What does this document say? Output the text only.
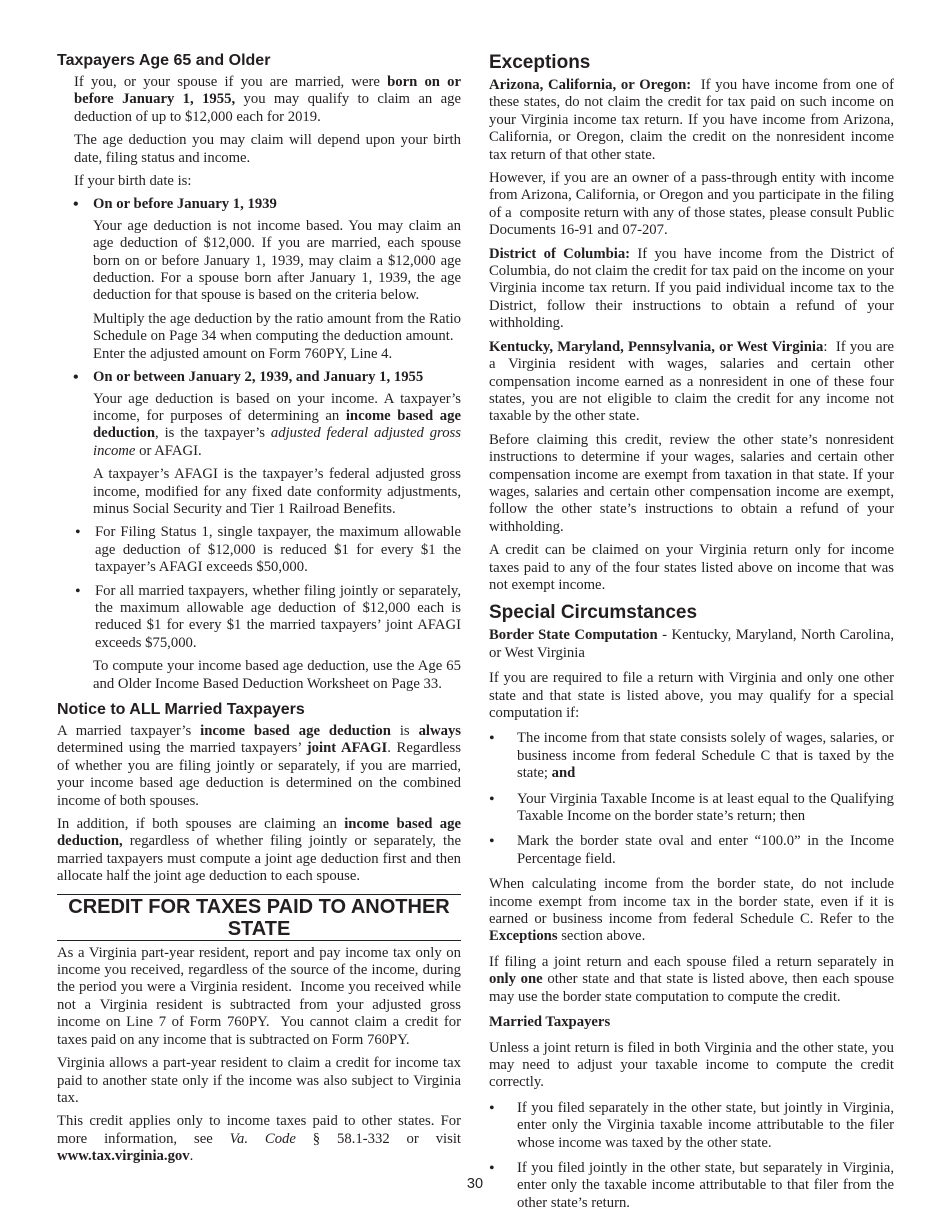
Taxpayers Age 65 and Older

If you, or your spouse if you are married, were born on or before January 1, 1955, you may qualify to claim an age deduction of up to $12,000 each for 2019.

The age deduction you may claim will depend upon your birth date, filing status and income.

If your birth date is:

• On or before January 1, 1939

Your age deduction is not income based. You may claim an age deduction of $12,000. If you are married, each spouse born on or before January 1, 1939, may claim a $12,000 age deduction. For a spouse born after January 1, 1939, the age deduction for that spouse is based on the criteria below.

Multiply the age deduction by the ratio amount from the Ratio Schedule on Page 34 when computing the deduction amount.   Enter the adjusted amount on Form 760PY, Line 4.

• On or between January 2, 1939, and January 1, 1955

Your age deduction is based on your income. A taxpayer’s income, for purposes of determining an income based age deduction, is the taxpayer’s adjusted federal adjusted gross income or AFAGI.

A taxpayer’s AFAGI is the taxpayer’s federal adjusted gross income, modified for any fixed date conformity adjustments, minus Social Security and Tier 1 Railroad Benefits.

• For Filing Status 1, single taxpayer, the maximum allowable age deduction of $12,000 is reduced $1 for every $1 the taxpayer’s AFAGI exceeds $50,000.

• For all married taxpayers, whether filing jointly or separately, the maximum allowable age deduction of $12,000 each is reduced $1 for every $1 the married taxpayers’ joint AFAGI exceeds $75,000.

To compute your income based age deduction, use the Age 65 and Older Income Based Deduction Worksheet on Page 33.

Notice to ALL Married Taxpayers

A married taxpayer’s income based age deduction is always determined using the married taxpayers’ joint AFAGI. Regardless of whether you are filing jointly or separately, if you are married, your income based age deduction is determined on the combined income of both spouses.

In addition, if both spouses are claiming an income based age deduction, regardless of whether filing jointly or separately, the married taxpayers must compute a joint age deduction first and then allocate half the joint age deduction to each spouse.

CREDIT FOR TAXES PAID TO ANOTHER STATE

As a Virginia part-year resident, report and pay income tax only on income you received, regardless of the source of the income, during the period you were a Virginia resident.  Income you received while not a Virginia resident is subtracted from your adjusted gross income on Line 7 of Form 760PY.  You cannot claim a credit for taxes paid on any income that is subtracted on Form 760PY.

Virginia allows a part-year resident to claim a credit for income tax paid to another state only if the income was also subject to Virginia tax.

This credit applies only to income taxes paid to other states. For more information, see Va. Code § 58.1-332 or visit www.tax.virginia.gov.

Exceptions

Arizona, California, or Oregon:  If you have income from one of these states, do not claim the credit for tax paid on such income on your Virginia income tax return. If you have income from Arizona, California, or Oregon, claim the credit on the nonresident income tax return of that other state.

However, if you are an owner of a pass-through entity with income from Arizona, California, or Oregon and you participate in the filing of a  composite return with any of those states, please consult Public Documents 16-91 and 07-207.

District of Columbia: If you have income from the District of Columbia, do not claim the credit for tax paid on the income on your Virginia income tax return. If you paid individual income tax to the District, follow their instructions to obtain a refund of your withholding.

Kentucky, Maryland, Pennsylvania, or West Virginia:  If you are a Virginia resident with wages, salaries and certain other compensation income earned as a nonresident in one of these four states, you are not eligible to claim the credit for any income not taxable by the other state.

Before claiming this credit, review the other state’s nonresident instructions to determine if your wages, salaries and certain other compensation income are exempt from taxation in that state. If your wages, salaries and certain other compensation income are exempt, follow the other state’s instructions to obtain a refund of your withholding.

A credit can be claimed on your Virginia return only for income taxes paid to any of the four states listed above on income that was not exempt income.

Special Circumstances

Border State Computation - Kentucky, Maryland, North Carolina, or West Virginia

If you are required to file a return with Virginia and only one other state and that state is listed above, you may qualify for a special computation if:

• The income from that state consists solely of wages, salaries, or business income from federal Schedule C that is taxed by the state; and

• Your Virginia Taxable Income is at least equal to the Qualifying Taxable Income on the border state’s return; then

• Mark the border state oval and enter “100.0” in the Income Percentage field.

When calculating income from the border state, do not include income exempt from income tax in the border state, even if it is earned or business income from federal Schedule C. Refer to the Exceptions section above.

If filing a joint return and each spouse filed a return separately in only one other state and that state is listed above, then each spouse may use the border state computation to compute the credit.

Married Taxpayers

Unless a joint return is filed in both Virginia and the other state, you may need to adjust your taxable income to compute the credit correctly.

• If you filed separately in the other state, but jointly in Virginia, enter only the Virginia taxable income attributable to the filer whose income was taxed by the other state.

• If you filed jointly in the other state, but separately in Virginia, enter only the taxable income attributable to that filer from the other state’s return.

30
